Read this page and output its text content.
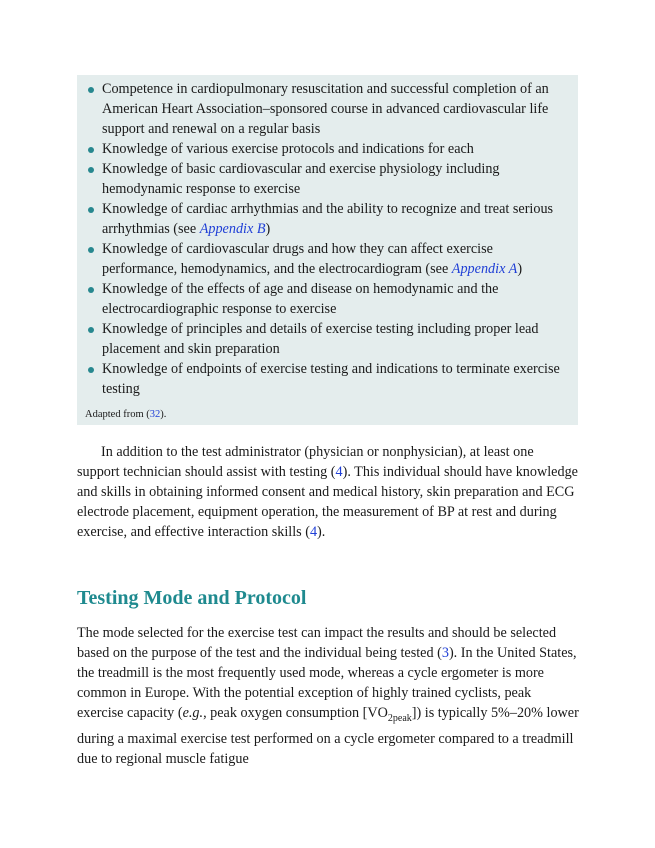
Competence in cardiopulmonary resuscitation and successful completion of an American Heart Association–sponsored course in advanced cardiovascular life support and renewal on a regular basis
Knowledge of various exercise protocols and indications for each
Knowledge of basic cardiovascular and exercise physiology including hemodynamic response to exercise
Knowledge of cardiac arrhythmias and the ability to recognize and treat serious arrhythmias (see Appendix B)
Knowledge of cardiovascular drugs and how they can affect exercise performance, hemodynamics, and the electrocardiogram (see Appendix A)
Knowledge of the effects of age and disease on hemodynamic and the electrocardiographic response to exercise
Knowledge of principles and details of exercise testing including proper lead placement and skin preparation
Knowledge of endpoints of exercise testing and indications to terminate exercise testing
Adapted from (32).

In addition to the test administrator (physician or nonphysician), at least one support technician should assist with testing (4). This individual should have knowledge and skills in obtaining informed consent and medical history, skin preparation and ECG electrode placement, equipment operation, the measurement of BP at rest and during exercise, and effective interaction skills (4).

Testing Mode and Protocol

The mode selected for the exercise test can impact the results and should be selected based on the purpose of the test and the individual being tested (3). In the United States, the treadmill is the most frequently used mode, whereas a cycle ergometer is more common in Europe. With the potential exception of highly trained cyclists, peak exercise capacity (e.g., peak oxygen consumption $[VO_{2peak}]$) is typically 5%–20% lower during a maximal exercise test performed on a cycle ergometer compared to a treadmill due to regional muscle fatigue
